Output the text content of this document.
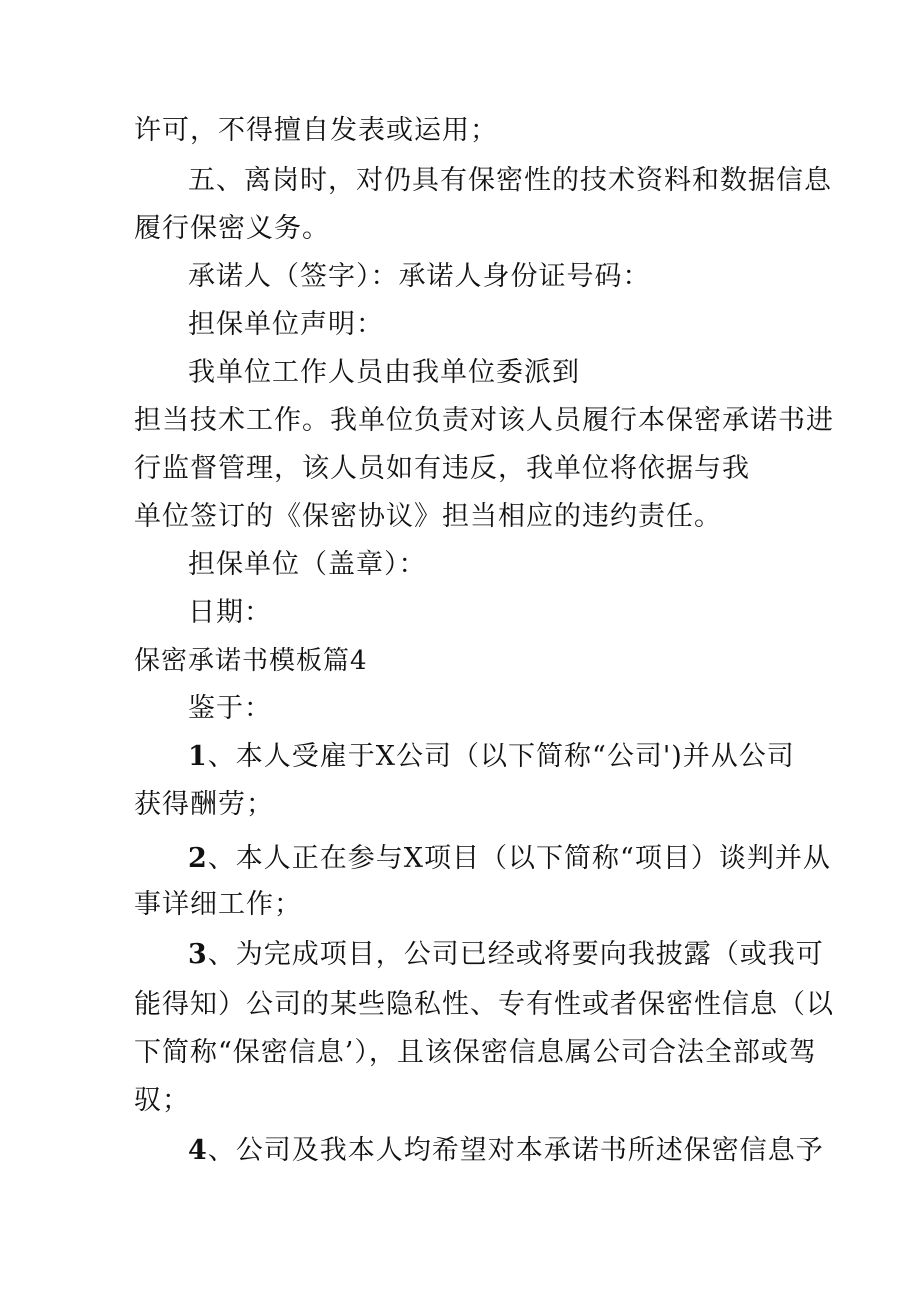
许可，不得擅自发表或运用；
五、离岗时，对仍具有保密性的技术资料和数据信息
履行保密义务。
承诺人（签字）：承诺人身份证号码：
担保单位声明：
我单位工作人员由我单位委派到
担当技术工作。我单位负责对该人员履行本保密承诺书进
行监督管理，该人员如有违反，我单位将依据与我
单位签订的《保密协议》担当相应的违约责任。
担保单位（盖章）：
日期：
保密承诺书模板篇4
鉴于：
1、本人受雇于X公司（以下简称“公司')并从公司
获得酬劳；
2、本人正在参与X项目（以下简称“项目）谈判并从
事详细工作；
3、为完成项目，公司已经或将要向我披露（或我可
能得知）公司的某些隐私性、专有性或者保密性信息（以
下简称“保密信息’），且该保密信息属公司合法全部或驾
驭；
4、公司及我本人均希望对本承诺书所述保密信息予
